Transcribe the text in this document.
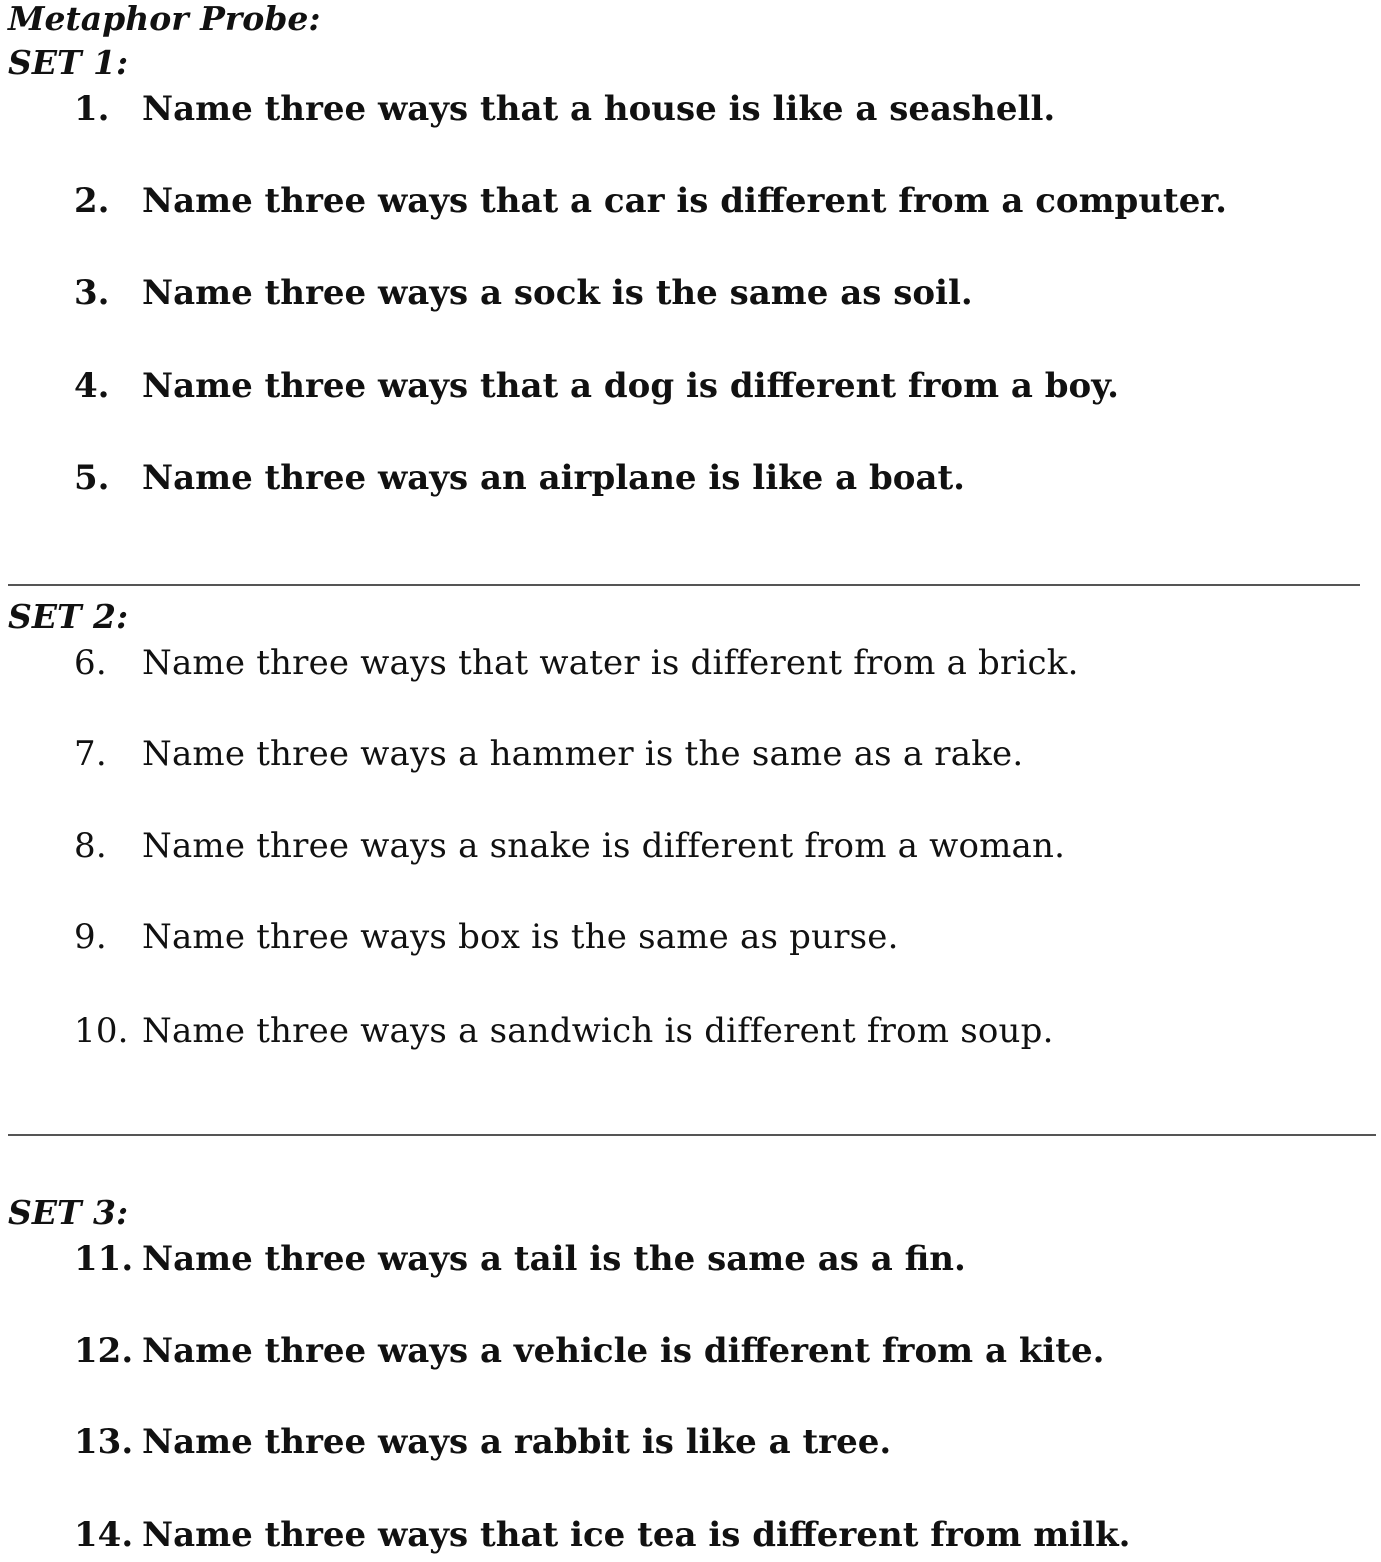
Metaphor Probe:
SET 1:
1. Name three ways that a house is like a seashell.
2. Name three ways that a car is different from a computer.
3. Name three ways a sock is the same as soil.
4. Name three ways that a dog is different from a boy.
5. Name three ways an airplane is like a boat.
SET 2:
6. Name three ways that water is different from a brick.
7. Name three ways a hammer is the same as a rake.
8. Name three ways a snake is different from a woman.
9. Name three ways box is the same as purse.
10. Name three ways a sandwich is different from soup.
SET 3:
11. Name three ways a tail is the same as a fin.
12. Name three ways a vehicle is different from a kite.
13. Name three ways a rabbit is like a tree.
14. Name three ways that ice tea is different from milk.
